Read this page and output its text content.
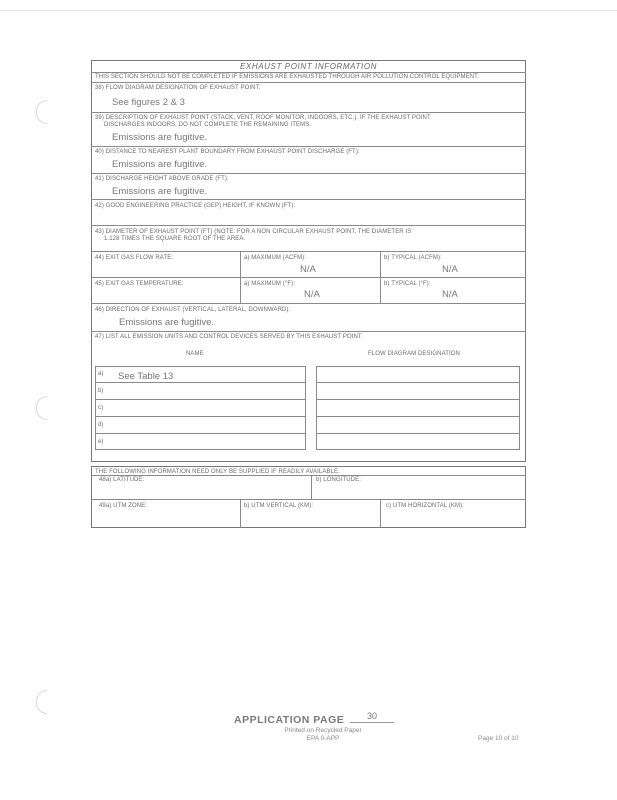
EXHAUST POINT INFORMATION
THIS SECTION SHOULD NOT BE COMPLETED IF EMISSIONS ARE EXHAUSTED THROUGH AIR POLLUTION CONTROL EQUIPMENT.
38) FLOW DIAGRAM DESIGNATION OF EXHAUST POINT:
See figures 2 & 3
39) DESCRIPTION OF EXHAUST POINT (STACK, VENT, ROOF MONITOR, INDOORS, ETC.). IF THE EXHAUST POINT
DISCHARGES INDOORS, DO NOT COMPLETE THE REMAINING ITEMS.
Emissions are fugitive.
40) DISTANCE TO NEAREST PLANT BOUNDARY FROM EXHAUST POINT DISCHARGE (FT):
Emissions are fugitive.
41) DISCHARGE HEIGHT ABOVE GRADE (FT):
Emissions are fugitive.
42) GOOD ENGINEERING PRACTICE (GEP) HEIGHT, IF KNOWN (FT):
43) DIAMETER OF EXHAUST POINT (FT) (NOTE: FOR A NON CIRCULAR EXHAUST POINT, THE DIAMETER IS
1.128 TIMES THE SQUARE ROOT OF THE AREA.
44) EXIT GAS FLOW RATE:	a) MAXIMUM (ACFM):
N/A
b) TYPICAL (ACFM):
N/A
45) EXIT GAS TEMPERATURE:	a) MAXIMUM (°F):
N/A
b) TYPICAL (°F):
N/A
46) DIRECTION OF EXHAUST (VERTICAL, LATERAL, DOWNWARD):
Emissions are fugitive.
47) LIST ALL EMISSION UNITS AND CONTROL DEVICES SERVED BY THIS EXHAUST POINT:
NAME	FLOW DIAGRAM DESIGNATION
a) See Table 13
b)
c)
d)
e)
THE FOLLOWING INFORMATION NEED ONLY BE SUPPLIED IF READILY AVAILABLE.
48a) LATITUDE:	b) LONGITUDE:
49a) UTM ZONE:	b) UTM VERTICAL (KM):	c) UTM HORIZONTAL (KM):
APPLICATION PAGE	30
Printed on Recycled Paper
EPA 0-APP	Page 10 of 10
